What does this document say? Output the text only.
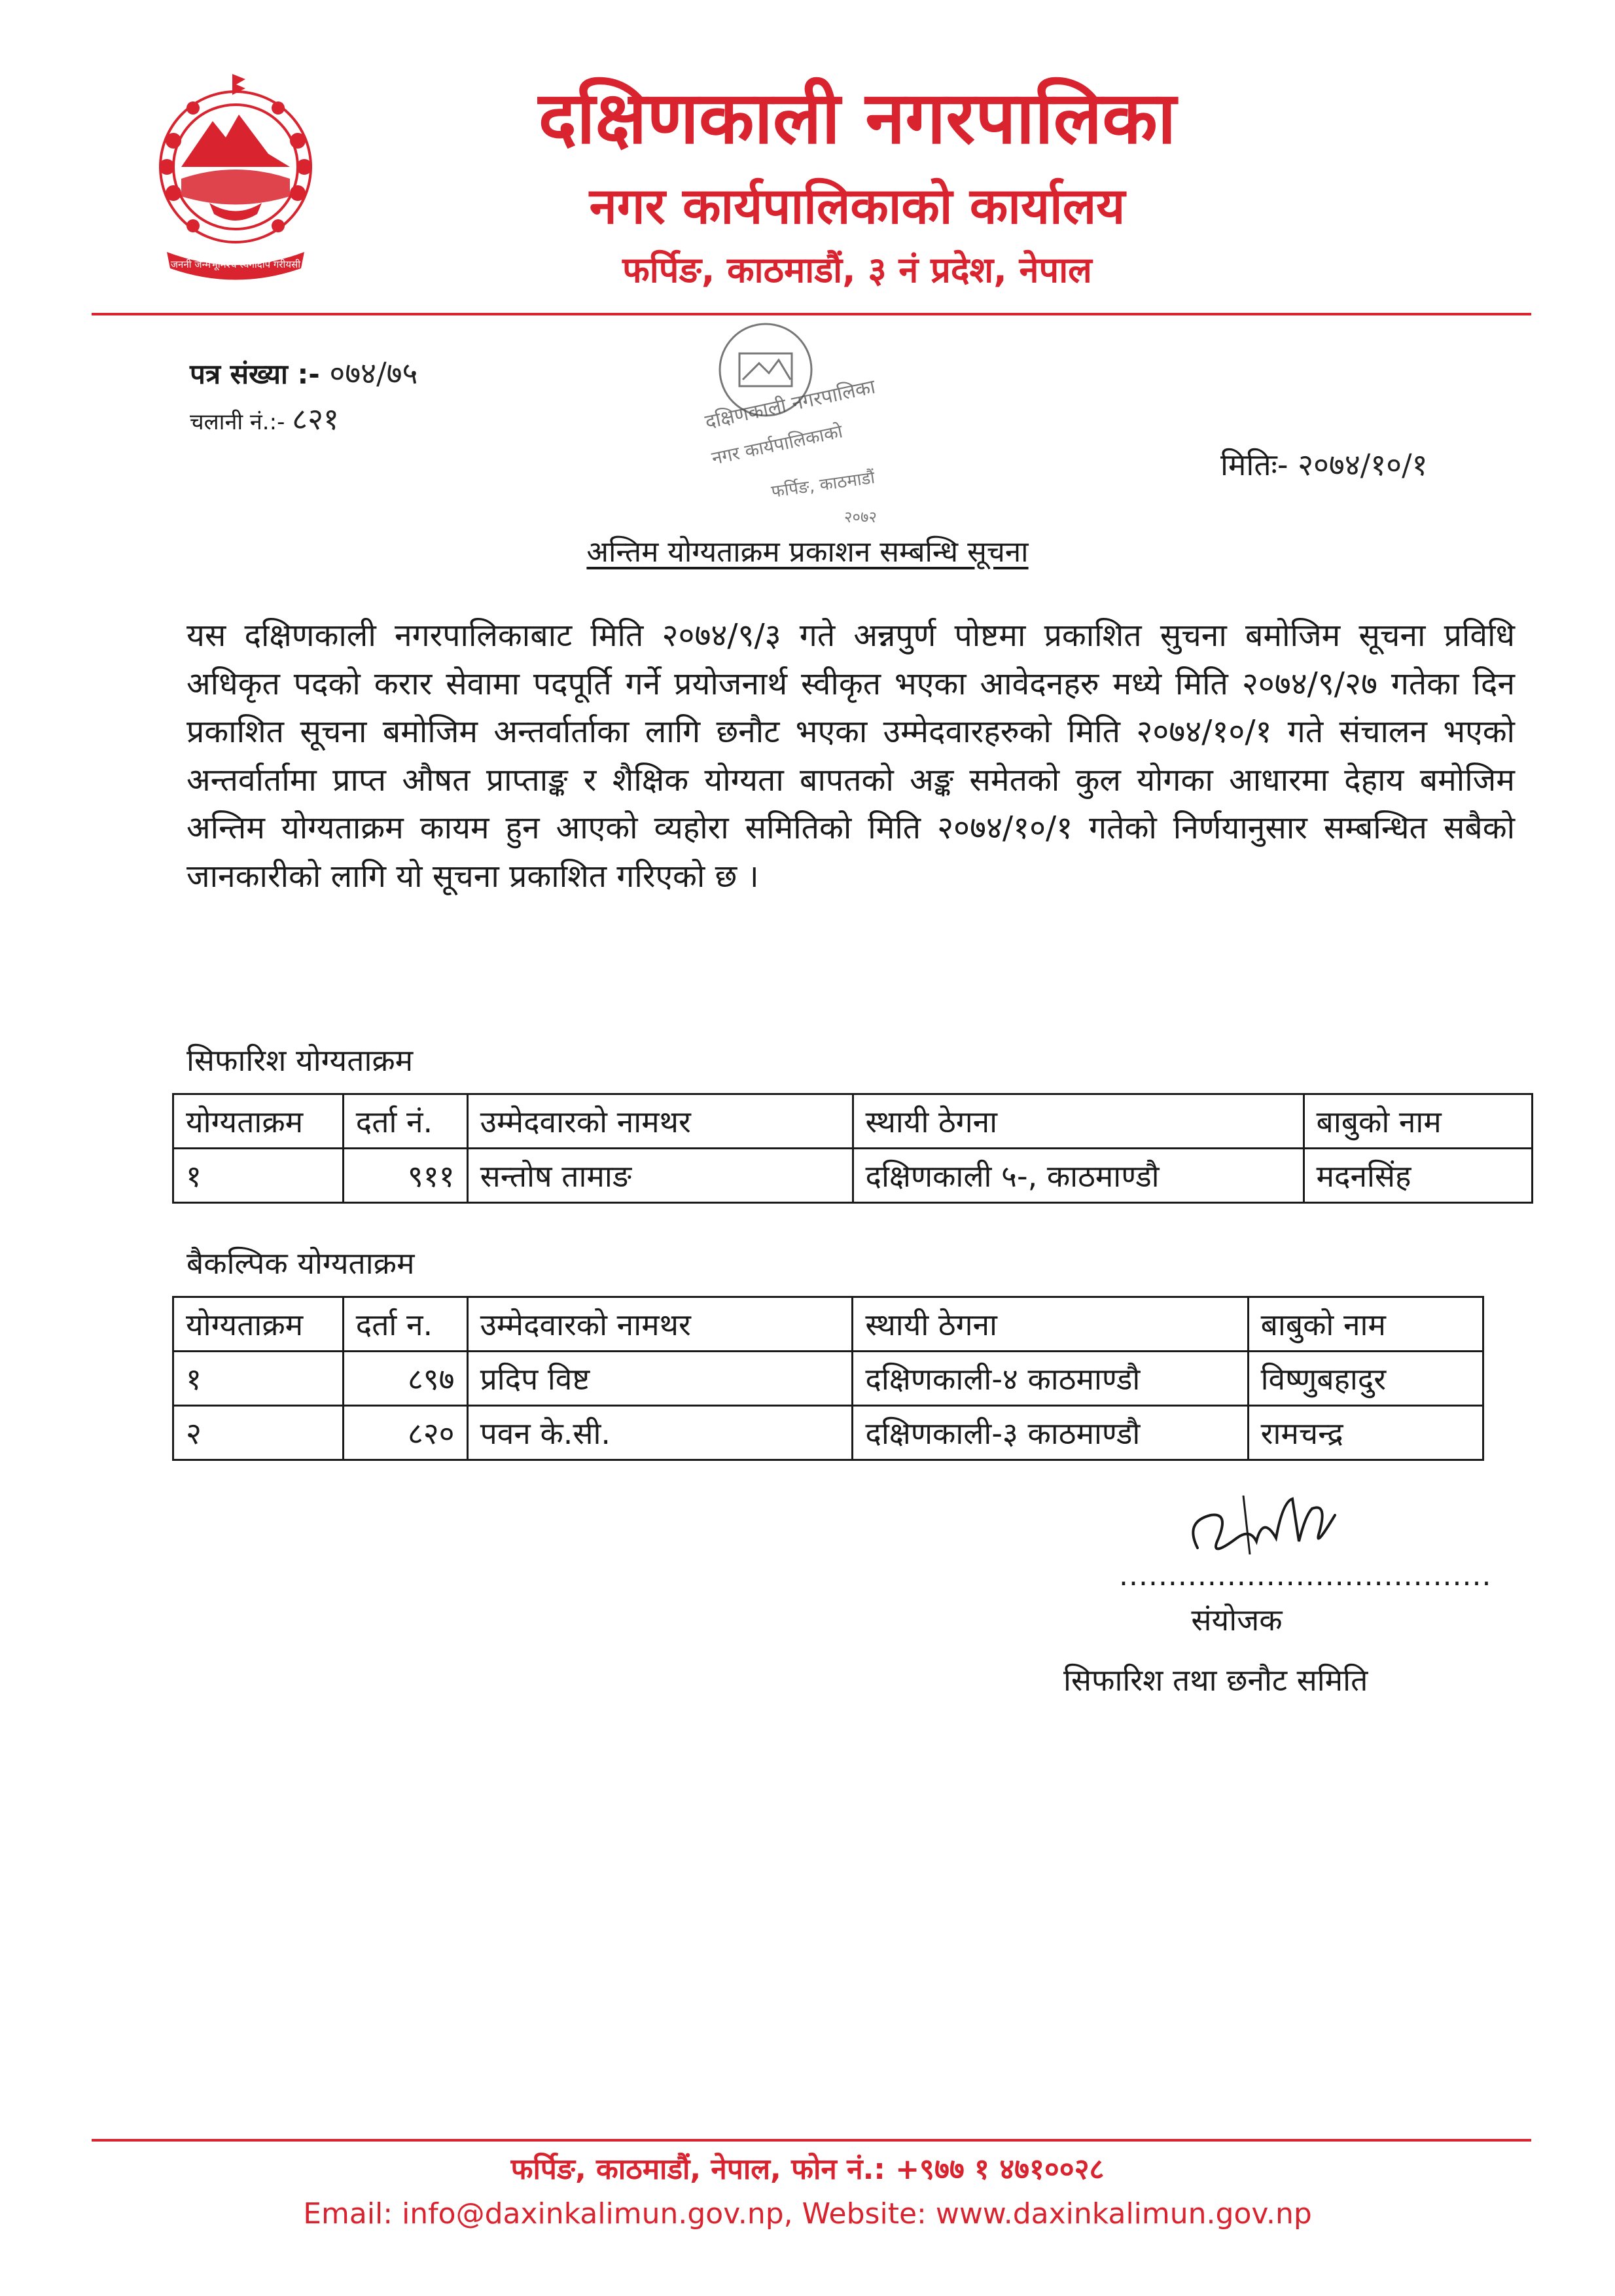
जननी जन्मभूमिश्च स्वर्गादपि गरीयसी
दक्षिणकाली नगरपालिका
नगर कार्यपालिकाको कार्यालय
फर्पिङ, काठमाडौं, ३ नं प्रदेश, नेपाल
पत्र संख्या :- ०७४/७५
चलानी नं.:- ८२१
मितिः- २०७४/१०/१
दक्षिणकाली नगरपालिका
नगर कार्यपालिकाको
फर्पिङ, काठमाडौं
२०७२
अन्तिम योग्यताक्रम प्रकाशन सम्बन्धि सूचना
यस दक्षिणकाली नगरपालिकाबाट मिति २०७४/९/३ गते अन्नपुर्ण पोष्टमा प्रकाशित सुचना बमोजिम सूचना प्रविधि अधिकृत पदको करार सेवामा पदपूर्ति गर्ने प्रयोजनार्थ स्वीकृत भएका आवेदनहरु मध्ये मिति २०७४/९/२७ गतेका दिन प्रकाशित सूचना बमोजिम अन्तर्वार्ताका लागि छनौट भएका उम्मेदवारहरुको मिति २०७४/१०/१ गते संचालन भएको अन्तर्वार्तामा प्राप्त औषत प्राप्ताङ्क र शैक्षिक योग्यता बापतको अङ्क समेतको कुल योगका आधारमा देहाय बमोजिम अन्तिम योग्यताक्रम कायम हुन आएको व्यहोरा समितिको मिति २०७४/१०/१ गतेको निर्णयानुसार सम्बन्धित सबैको जानकारीको लागि यो सूचना प्रकाशित गरिएको छ ।
सिफारिश योग्यताक्रम
योग्यताक्रम	दर्ता नं.	उम्मेदवारको नामथर	स्थायी ठेगना	बाबुको नाम
१	९११	सन्तोष तामाङ	दक्षिणकाली ५-, काठमाण्डौ	मदनसिंह
बैकल्पिक योग्यताक्रम
योग्यताक्रम	दर्ता न.	उम्मेदवारको नामथर	स्थायी ठेगना	बाबुको नाम
१	८९७	प्रदिप विष्ट	दक्षिणकाली-४ काठमाण्डौ	विष्णुबहादुर
२	८२०	पवन के.सी.	दक्षिणकाली-३ काठमाण्डौ	रामचन्द्र
......................................
संयोजक
सिफारिश तथा छनौट समिति
फर्पिङ, काठमाडौं, नेपाल, फोन नं.: +९७७ १ ४७१००२८
Email: info@daxinkalimun.gov.np, Website: www.daxinkalimun.gov.np
